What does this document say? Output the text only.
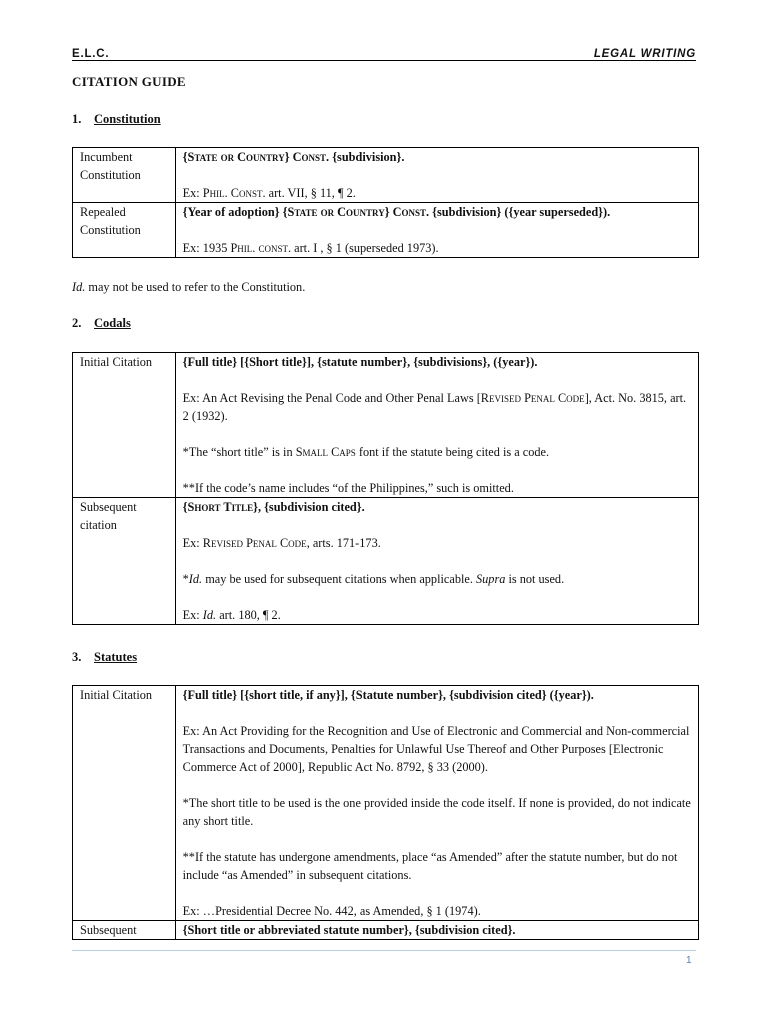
E.L.C.	LEGAL WRITING
CITATION GUIDE
1. Constitution
Incumbent Constitution	{State or Country} Const. {subdivision}.

Ex: Phil. Const. art. VII, § 11, ¶ 2.

Repealed Constitution	{Year of adoption} {State or Country} Const. {subdivision} ({year superseded}).

Ex: 1935 Phil. const. art. I , § 1 (superseded 1973).

Id. may not be used to refer to the Constitution.
2. Codals
Initial Citation	{Full title} [{Short title}], {statute number}, {subdivisions}, ({year}).

Ex: An Act Revising the Penal Code and Other Penal Laws [Revised Penal Code], Act. No. 3815, art. 2 (1932).

*The “short title” is in Small Caps font if the statute being cited is a code.

**If the code’s name includes “of the Philippines,” such is omitted.

Subsequent citation	{Short Title}, {subdivision cited}.

Ex: Revised Penal Code, arts. 171-173.

*Id. may be used for subsequent citations when applicable. Supra is not used.

Ex: Id. art. 180, ¶ 2.

3. Statutes
Initial Citation	{Full title} [{short title, if any}], {Statute number}, {subdivision cited} ({year}).

Ex: An Act Providing for the Recognition and Use of Electronic and Commercial and Non-commercial Transactions and Documents, Penalties for Unlawful Use Thereof and Other Purposes [Electronic Commerce Act of 2000], Republic Act No. 8792, § 33 (2000).

*The short title to be used is the one provided inside the code itself. If none is provided, do not indicate any short title.

**If the statute has undergone amendments, place “as Amended” after the statute number, but do not include “as Amended” in subsequent citations.

Ex: …Presidential Decree No. 442, as Amended, § 1 (1974).

Subsequent	{Short title or abbreviated statute number}, {subdivision cited}.

1
